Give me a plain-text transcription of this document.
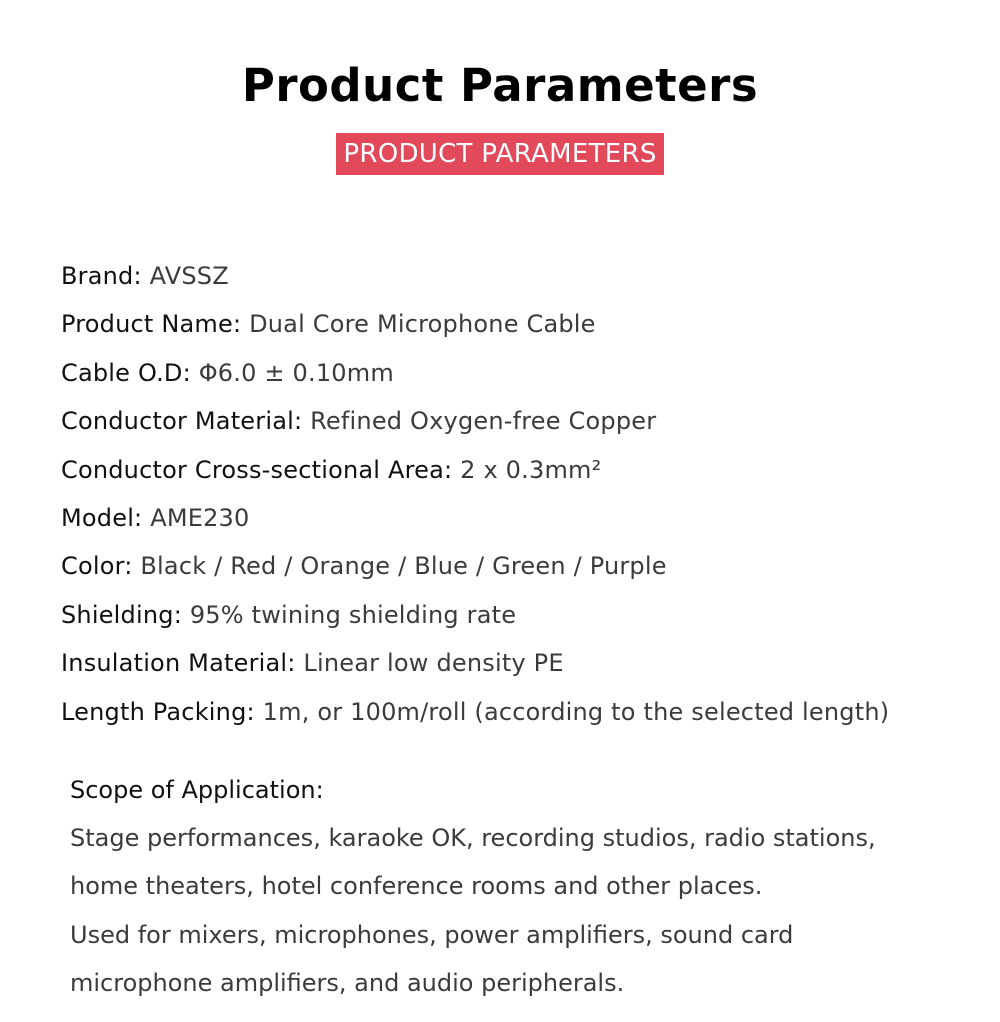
Product Parameters
PRODUCT PARAMETERS
Brand: AVSSZ
Product Name: Dual Core Microphone Cable
Cable O.D: Φ6.0 ± 0.10mm
Conductor Material: Refined Oxygen-free Copper
Conductor Cross-sectional Area: 2 x 0.3mm²
Model: AME230
Color: Black / Red / Orange / Blue / Green / Purple
Shielding: 95% twining shielding rate
Insulation Material: Linear low density PE
Length Packing: 1m, or 100m/roll (according to the selected length)

Scope of Application:

Stage performances, karaoke OK, recording studios, radio stations,

home theaters, hotel conference rooms and other places.

Used for mixers, microphones, power amplifiers, sound card

microphone amplifiers, and audio peripherals.
